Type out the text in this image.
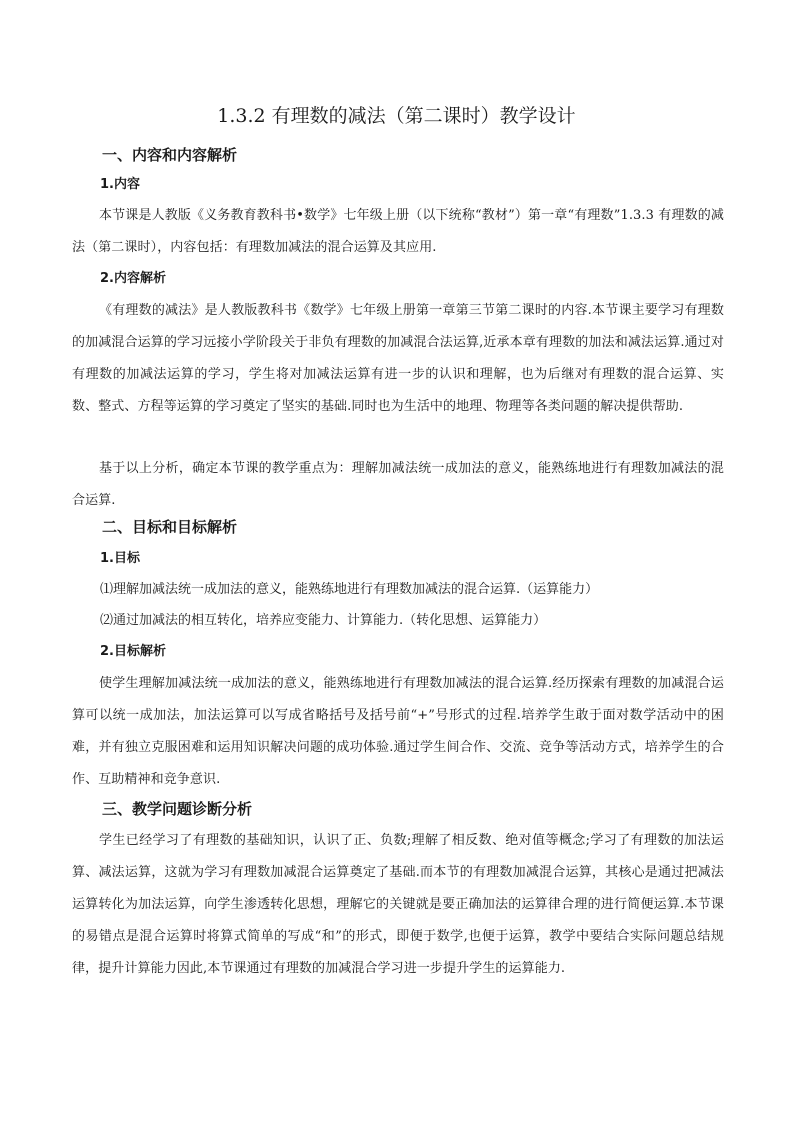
1.3.2 有理数的减法（第二课时）教学设计
一、内容和内容解析
1.内容
本节课是人教版《义务教育教科书•数学》七年级上册（以下统称“教材”）第一章“有理数”1.3.3 有理数的减法（第二课时），内容包括：有理数加减法的混合运算及其应用.
2.内容解析
《有理数的减法》是人教版教科书《数学》七年级上册第一章第三节第二课时的内容.本节课主要学习有理数的加减混合运算的学习远接小学阶段关于非负有理数的加减混合法运算,近承本章有理数的加法和减法运算.通过对有理数的加减法运算的学习，学生将对加减法运算有进一步的认识和理解，也为后继对有理数的混合运算、实数、整式、方程等运算的学习奠定了坚实的基础.同时也为生活中的地理、物理等各类问题的解决提供帮助.
基于以上分析，确定本节课的教学重点为：理解加减法统一成加法的意义，能熟练地进行有理数加减法的混合运算.
二、目标和目标解析
1.目标
⑴理解加减法统一成加法的意义，能熟练地进行有理数加减法的混合运算.（运算能力）
⑵通过加减法的相互转化，培养应变能力、计算能力.（转化思想、运算能力）
2.目标解析
使学生理解加减法统一成加法的意义，能熟练地进行有理数加减法的混合运算.经历探索有理数的加减混合运算可以统一成加法，加法运算可以写成省略括号及括号前“+”号形式的过程.培养学生敢于面对数学活动中的困难，并有独立克服困难和运用知识解决问题的成功体验.通过学生间合作、交流、竞争等活动方式，培养学生的合作、互助精神和竞争意识.
三、教学问题诊断分析
学生已经学习了有理数的基础知识，认识了正、负数;理解了相反数、绝对值等概念;学习了有理数的加法运算、减法运算，这就为学习有理数加减混合运算奠定了基础.而本节的有理数加减混合运算，其核心是通过把减法运算转化为加法运算，向学生渗透转化思想，理解它的关键就是要正确加法的运算律合理的进行简便运算.本节课的易错点是混合运算时将算式简单的写成“和”的形式，即便于数学,也便于运算，教学中要结合实际问题总结规律，提升计算能力因此,本节课通过有理数的加减混合学习进一步提升学生的运算能力.
